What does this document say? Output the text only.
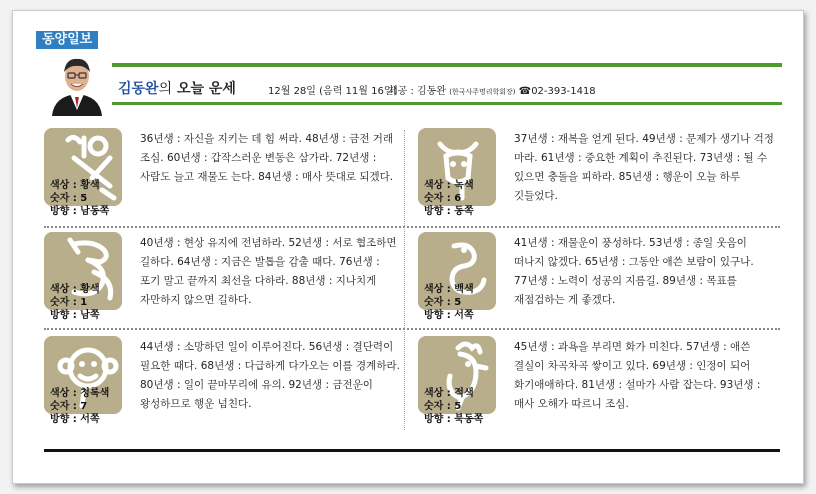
동양일보
김동완의 오늘 운세	12월 28일 (음력 11월 16일)
제공 : 김동완 (한국사주명리학회장) ☎02-393-1418
색상 : 황색
숫자 : 5
방향 : 남동쪽
36년생 : 자신을 지키는 데 힘 써라. 48년생 : 금전 거래 조심. 60년생 : 갑작스러운 변동은 삼가라. 72년생 : 사람도 늘고 재물도 는다. 84년생 : 매사 뜻대로 되겠다.
색상 : 녹색
숫자 : 6
방향 : 동쪽
37년생 : 재복을 얻게 된다. 49년생 : 문제가 생기나 걱정 마라. 61년생 : 중요한 계획이 추진된다. 73년생 : 될 수 있으면 충돌을 피하라. 85년생 : 행운이 오늘 하루 깃들었다.
색상 : 황색
숫자 : 1
방향 : 남쪽
40년생 : 현상 유지에 전념하라. 52년생 : 서로 협조하면 길하다. 64년생 : 지금은 발톱을 감출 때다. 76년생 : 포기 말고 끝까지 최선을 다하라. 88년생 : 지나치게 자만하지 않으면 길하다.
색상 : 백색
숫자 : 5
방향 : 서쪽
41년생 : 재물운이 풍성하다. 53년생 : 종일 웃음이 떠나지 않겠다. 65년생 : 그동안 애쓴 보람이 있구나. 77년생 : 노력이 성공의 지름길. 89년생 : 목표를 재점검하는 게 좋겠다.
색상 : 청록색
숫자 : 7
방향 : 서쪽
44년생 : 소망하던 일이 이루어진다. 56년생 : 결단력이 필요한 때다. 68년생 : 다급하게 다가오는 이를 경계하라. 80년생 : 일이 끝마무리에 유의. 92년생 : 금전운이 왕성하므로 행운 넘친다.
색상 : 적색
숫자 : 5
방향 : 북동쪽
45년생 : 과욕을 부리면 화가 미친다. 57년생 : 애쓴 결실이 차곡차곡 쌓이고 있다. 69년생 : 인정이 되어 화기애애하다. 81년생 : 설마가 사람 잡는다. 93년생 : 매사 오해가 따르니 조심.
